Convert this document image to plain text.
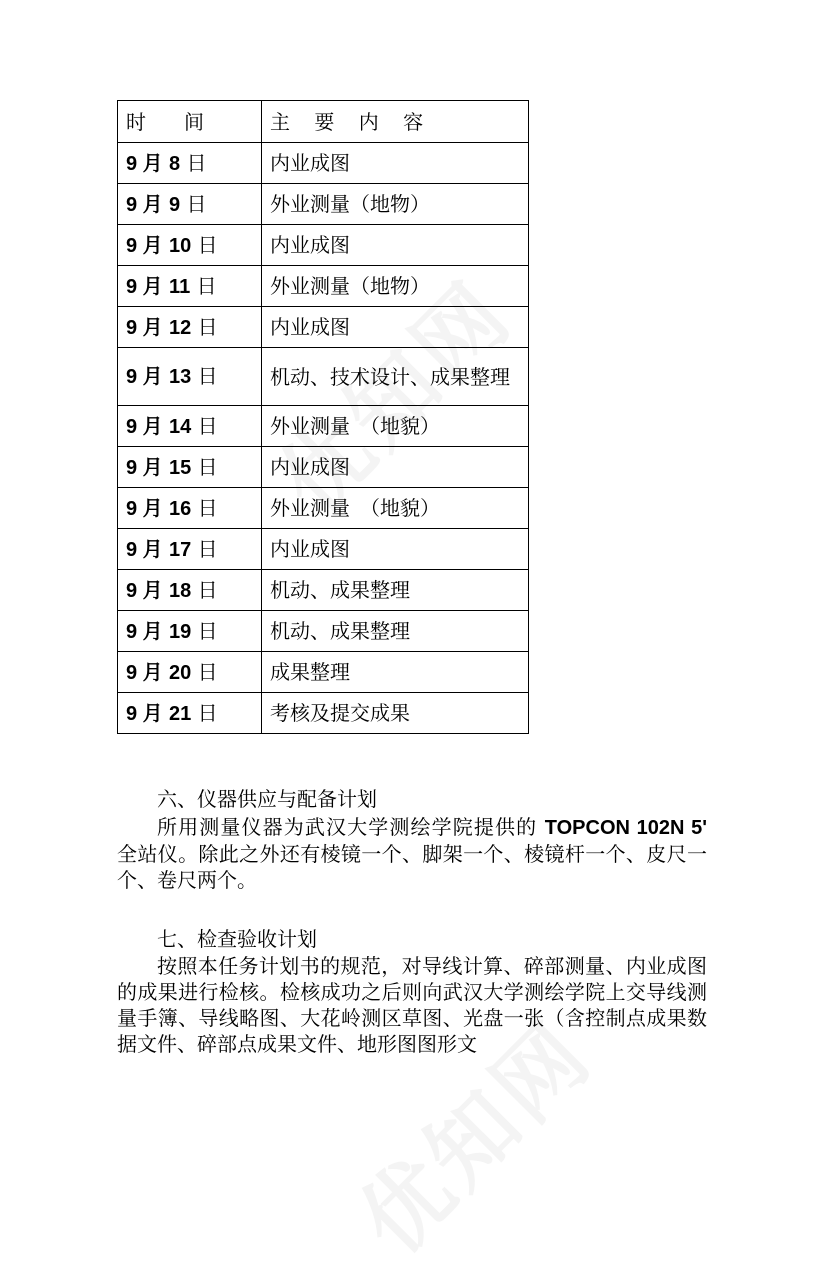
时　间	主 要 内 容
9 月 8 日	内业成图
9 月 9 日	外业测量（地物）
9 月 10 日	内业成图
9 月 11 日	外业测量（地物）
9 月 12 日	内业成图
9 月 13 日	机动、技术设计、成果整理
9 月 14 日	外业测量　（地貌）
9 月 15 日	内业成图
9 月 16 日	外业测量　（地貌）
9 月 17 日	内业成图
9 月 18 日	机动、成果整理
9 月 19 日	机动、成果整理
9 月 20 日	成果整理
9 月 21 日	考核及提交成果
六、仪器供应与配备计划
所用测量仪器为武汉大学测绘学院提供的 TOPCON 102N 5' 全站仪。除此之外还有棱镜一个、脚架一个、棱镜杆一个、皮尺一个、卷尺两个。
七、检查验收计划
按照本任务计划书的规范，对导线计算、碎部测量、内业成图的成果进行检核。检核成功之后则向武汉大学测绘学院上交导线测量手簿、导线略图、大花岭测区草图、光盘一张（含控制点成果数据文件、碎部点成果文件、地形图图形文
